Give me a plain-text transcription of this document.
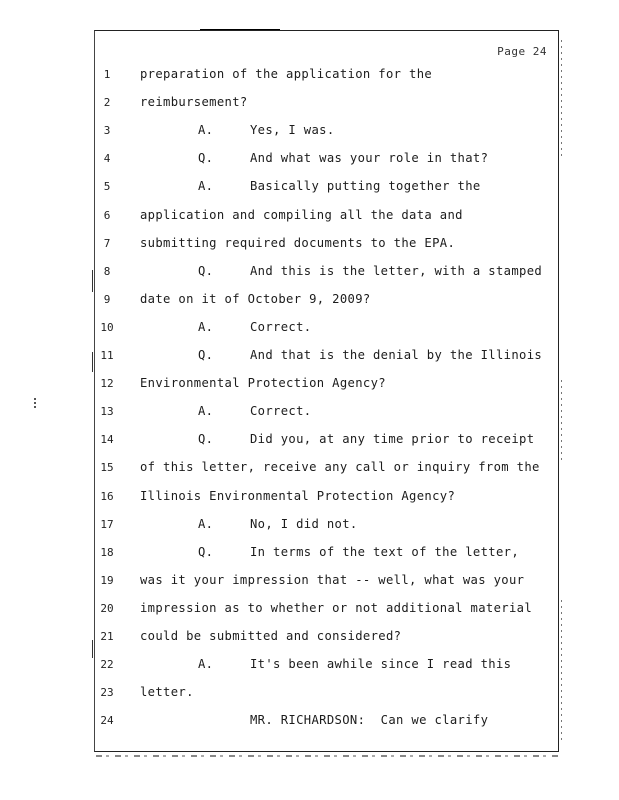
Page 24
1
2
3
4
5
6
7
8
9
10
11
12
13
14
15
16
17
18
19
20
21
22
23
24
preparation of the application for the
reimbursement?
A.	Yes, I was.
Q.	And what was your role in that?
A.	Basically putting together the
application and compiling all the data and
submitting required documents to the EPA.
Q.	And this is the letter, with a stamped
date on it of October 9, 2009?
A.	Correct.
Q.	And that is the denial by the Illinois
Environmental Protection Agency?
A.	Correct.
Q.	Did you, at any time prior to receipt
of this letter, receive any call or inquiry from the
Illinois Environmental Protection Agency?
A.	No, I did not.
Q.	In terms of the text of the letter,
was it your impression that -- well, what was your
impression as to whether or not additional material
could be submitted and considered?
A.	It's been awhile since I read this
letter.
MR. RICHARDSON:  Can we clarify
